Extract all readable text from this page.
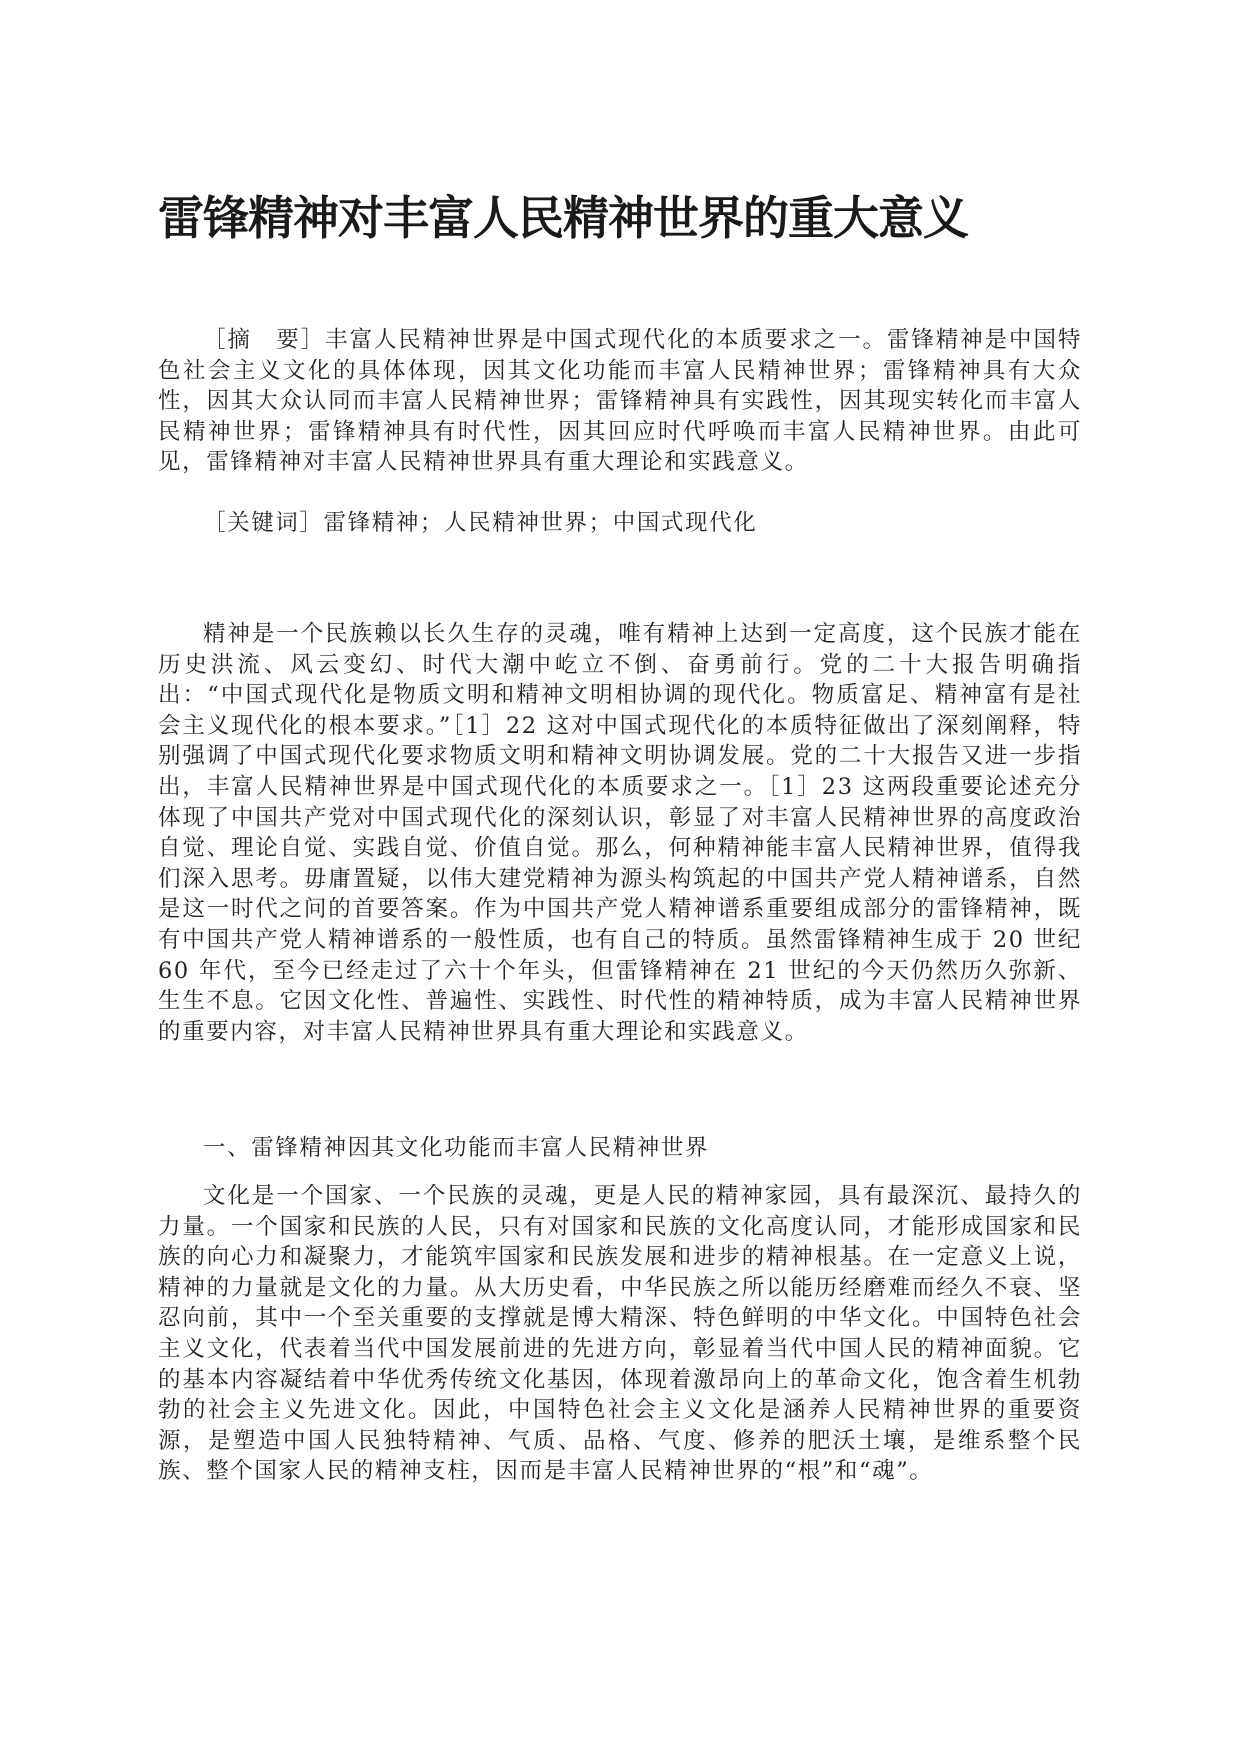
雷锋精神对丰富人民精神世界的重大意义

［摘　要］丰富人民精神世界是中国式现代化的本质要求之一。雷锋精神是中国特色社会主义文化的具体体现，因其文化功能而丰富人民精神世界；雷锋精神具有大众性，因其大众认同而丰富人民精神世界；雷锋精神具有实践性，因其现实转化而丰富人民精神世界；雷锋精神具有时代性，因其回应时代呼唤而丰富人民精神世界。由此可见，雷锋精神对丰富人民精神世界具有重大理论和实践意义。

［关键词］雷锋精神；人民精神世界；中国式现代化

精神是一个民族赖以长久生存的灵魂，唯有精神上达到一定高度，这个民族才能在历史洪流、风云变幻、时代大潮中屹立不倒、奋勇前行。党的二十大报告明确指出：“中国式现代化是物质文明和精神文明相协调的现代化。物质富足、精神富有是社会主义现代化的根本要求。”［1］22 这对中国式现代化的本质特征做出了深刻阐释，特别强调了中国式现代化要求物质文明和精神文明协调发展。党的二十大报告又进一步指出，丰富人民精神世界是中国式现代化的本质要求之一。［1］23 这两段重要论述充分体现了中国共产党对中国式现代化的深刻认识，彰显了对丰富人民精神世界的高度政治自觉、理论自觉、实践自觉、价值自觉。那么，何种精神能丰富人民精神世界，值得我们深入思考。毋庸置疑，以伟大建党精神为源头构筑起的中国共产党人精神谱系，自然是这一时代之问的首要答案。作为中国共产党人精神谱系重要组成部分的雷锋精神，既有中国共产党人精神谱系的一般性质，也有自己的特质。虽然雷锋精神生成于 20 世纪 60 年代，至今已经走过了六十个年头，但雷锋精神在 21 世纪的今天仍然历久弥新、生生不息。它因文化性、普遍性、实践性、时代性的精神特质，成为丰富人民精神世界的重要内容，对丰富人民精神世界具有重大理论和实践意义。

一、雷锋精神因其文化功能而丰富人民精神世界

文化是一个国家、一个民族的灵魂，更是人民的精神家园，具有最深沉、最持久的力量。一个国家和民族的人民，只有对国家和民族的文化高度认同，才能形成国家和民族的向心力和凝聚力，才能筑牢国家和民族发展和进步的精神根基。在一定意义上说，精神的力量就是文化的力量。从大历史看，中华民族之所以能历经磨难而经久不衰、坚忍向前，其中一个至关重要的支撑就是博大精深、特色鲜明的中华文化。中国特色社会主义文化，代表着当代中国发展前进的先进方向，彰显着当代中国人民的精神面貌。它的基本内容凝结着中华优秀传统文化基因，体现着激昂向上的革命文化，饱含着生机勃勃的社会主义先进文化。因此，中国特色社会主义文化是涵养人民精神世界的重要资源，是塑造中国人民独特精神、气质、品格、气度、修养的肥沃土壤，是维系整个民族、整个国家人民的精神支柱，因而是丰富人民精神世界的“根”和“魂”。
